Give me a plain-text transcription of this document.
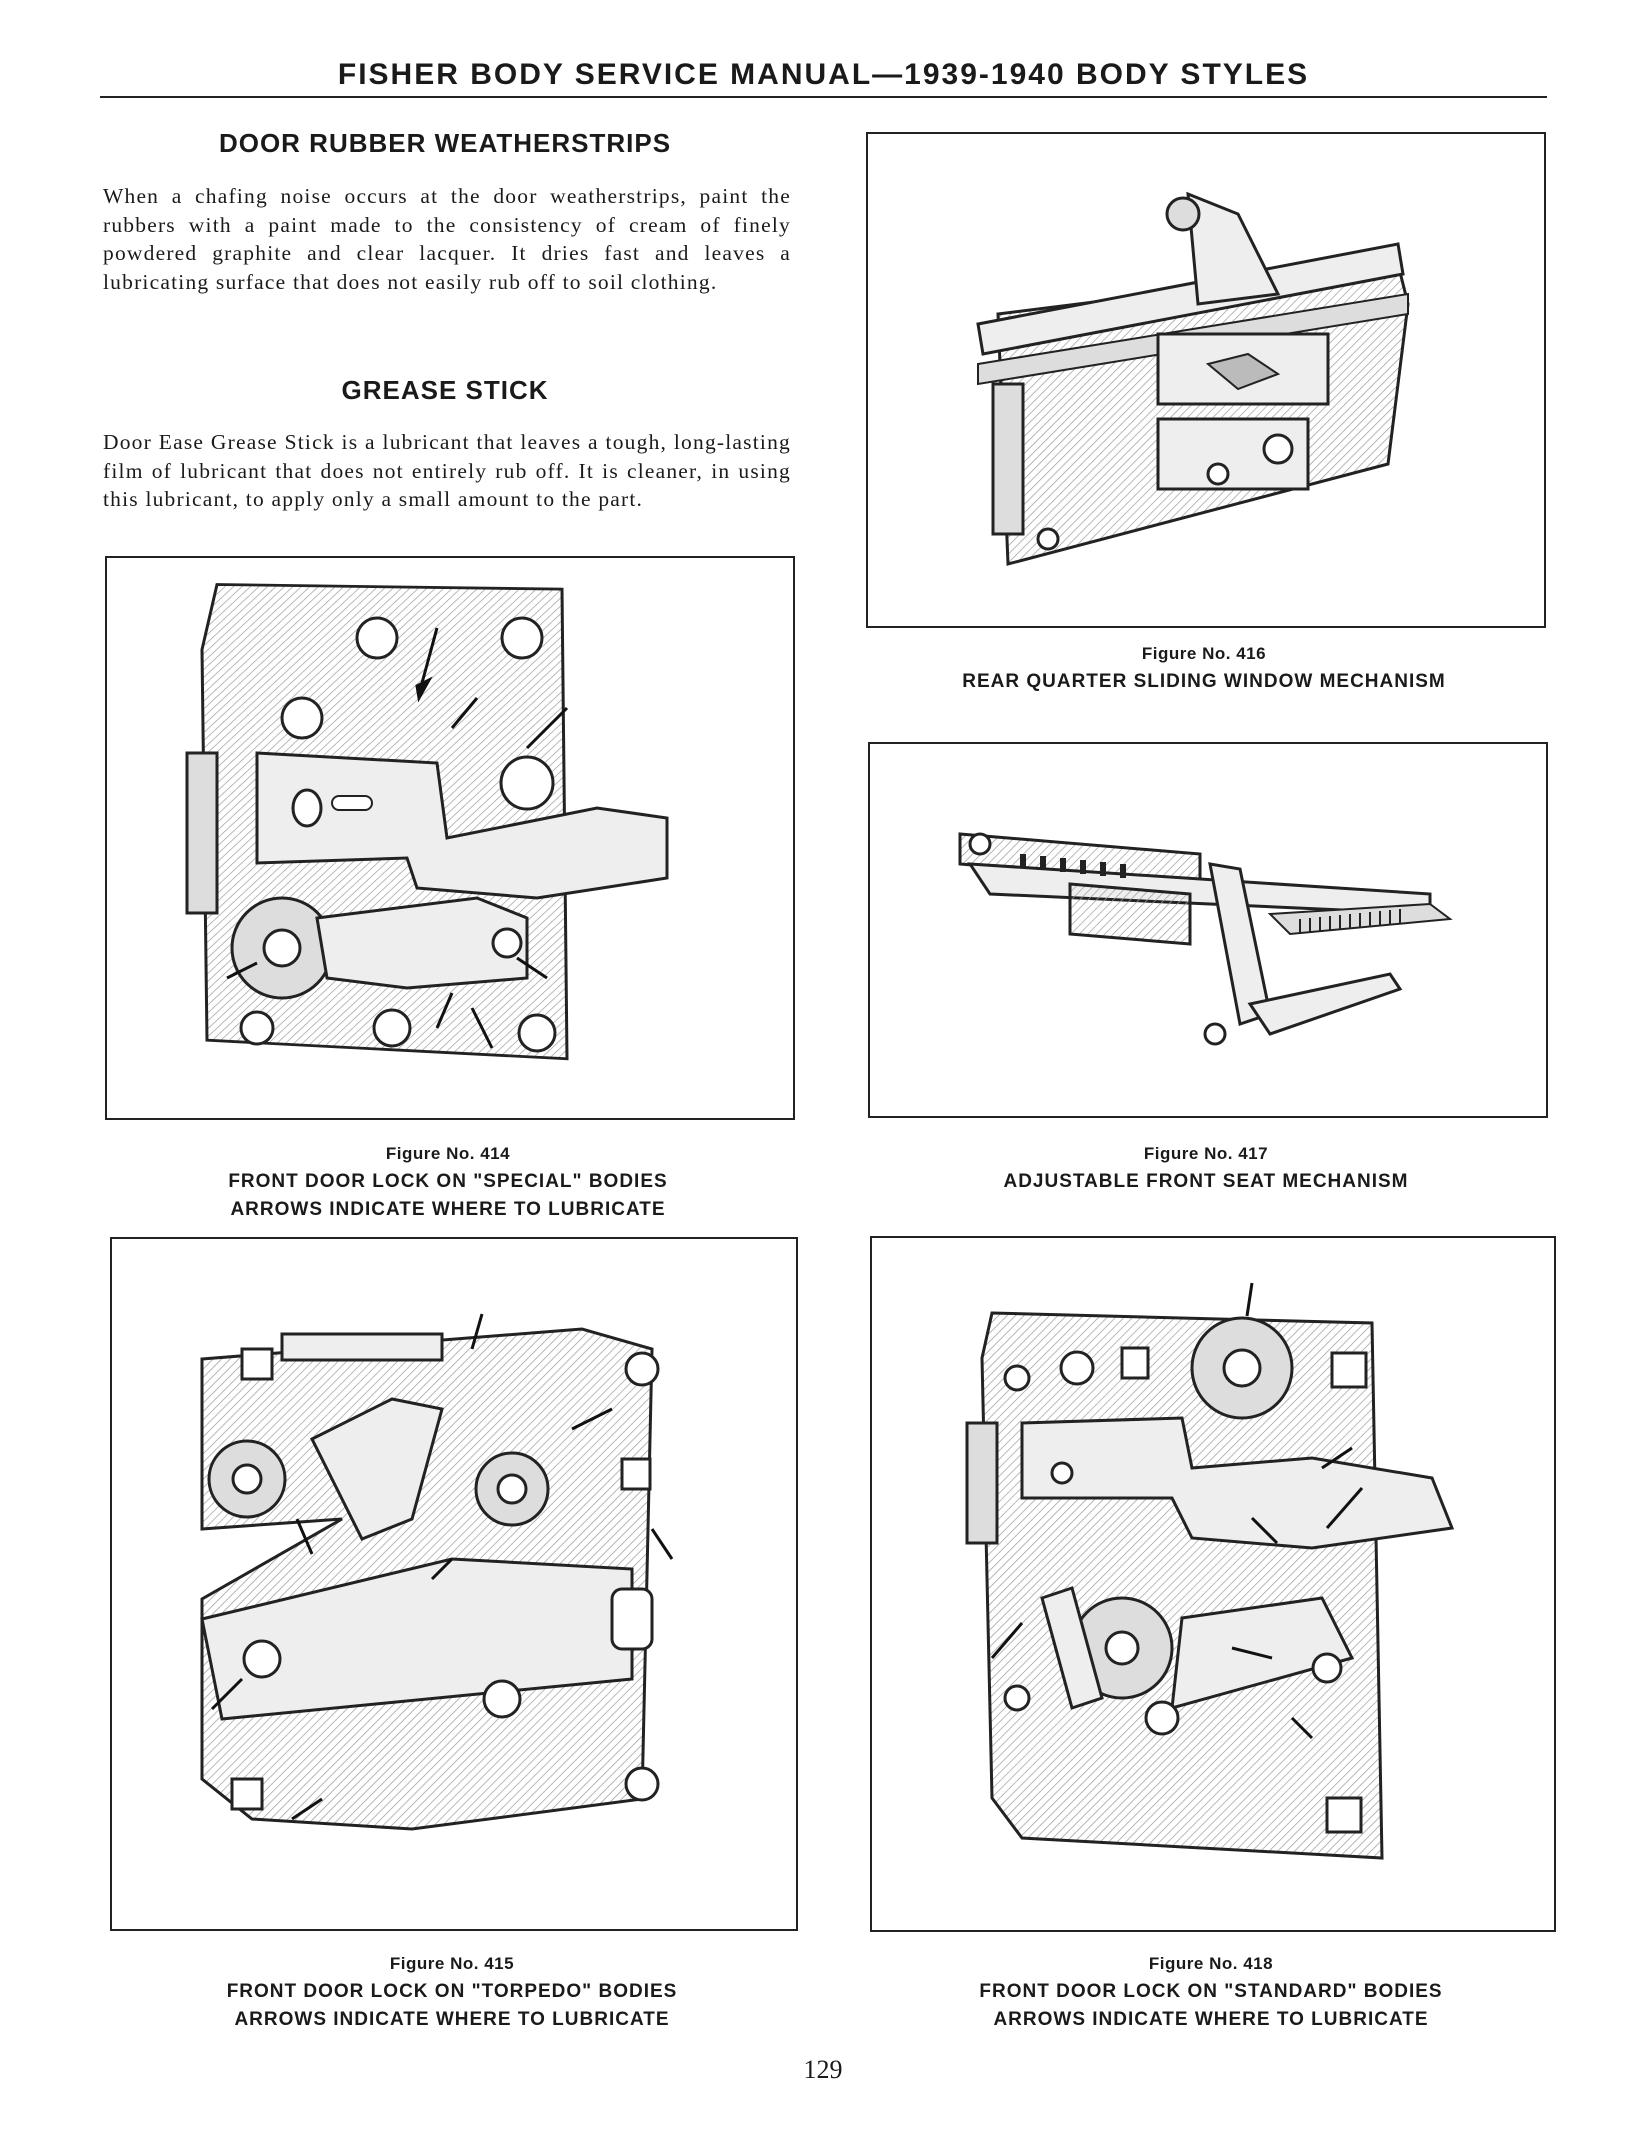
FISHER BODY SERVICE MANUAL—1939-1940 BODY STYLES
DOOR RUBBER WEATHERSTRIPS
When a chafing noise occurs at the door weatherstrips, paint the rubbers with a paint made to the consistency of cream of finely powdered graphite and clear lacquer. It dries fast and leaves a lubricating surface that does not easily rub off to soil clothing.
GREASE STICK
Door Ease Grease Stick is a lubricant that leaves a tough, long-lasting film of lubricant that does not entirely rub off. It is cleaner, in using this lubricant, to apply only a small amount to the part.
Figure No. 414
FRONT DOOR LOCK ON "SPECIAL" BODIES
ARROWS INDICATE WHERE TO LUBRICATE
Figure No. 415
FRONT DOOR LOCK ON "TORPEDO" BODIES
ARROWS INDICATE WHERE TO LUBRICATE
Figure No. 416
REAR QUARTER SLIDING WINDOW MECHANISM
Figure No. 417
ADJUSTABLE FRONT SEAT MECHANISM
Figure No. 418
FRONT DOOR LOCK ON "STANDARD" BODIES
ARROWS INDICATE WHERE TO LUBRICATE
129
